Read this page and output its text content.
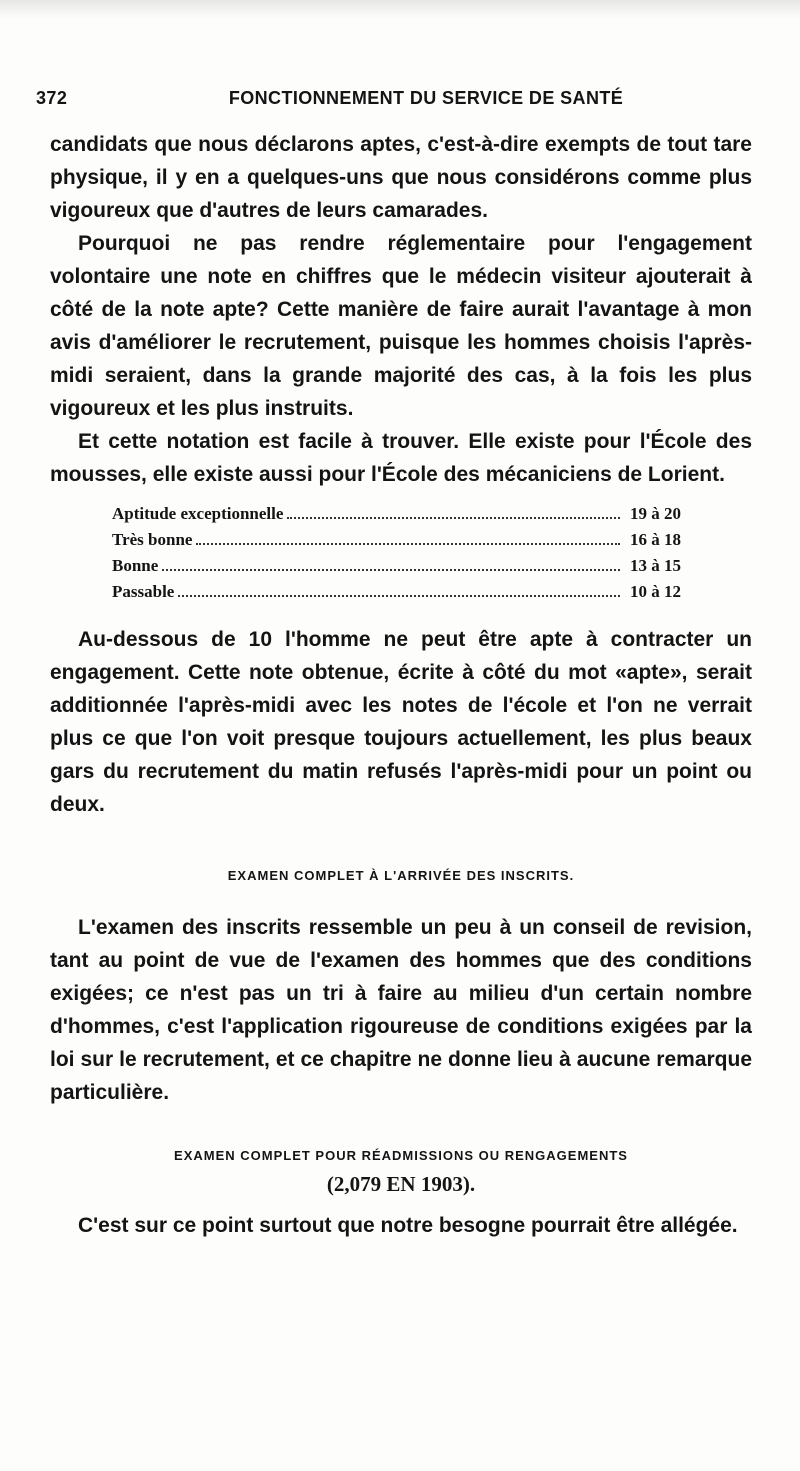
372	FONCTIONNEMENT DU SERVICE DE SANTÉ

candidats que nous déclarons aptes, c'est-à-dire exempts de tout tare physique, il y en a quelques-uns que nous considérons comme plus vigoureux que d'autres de leurs camarades.

Pourquoi ne pas rendre réglementaire pour l'engagement volontaire une note en chiffres que le médecin visiteur ajouterait à côté de la note apte? Cette manière de faire aurait l'avantage à mon avis d'améliorer le recrutement, puisque les hommes choisis l'après-midi seraient, dans la grande majorité des cas, à la fois les plus vigoureux et les plus instruits.

Et cette notation est facile à trouver. Elle existe pour l'École des mousses, elle existe aussi pour l'École des mécaniciens de Lorient.

Aptitude exceptionnelle	19 à 20
Très bonne	16 à 18
Bonne	13 à 15
Passable	10 à 12

Au-dessous de 10 l'homme ne peut être apte à contracter un engagement. Cette note obtenue, écrite à côté du mot «apte», serait additionnée l'après-midi avec les notes de l'école et l'on ne verrait plus ce que l'on voit presque toujours actuellement, les plus beaux gars du recrutement du matin refusés l'après-midi pour un point ou deux.

EXAMEN COMPLET À L'ARRIVÉE DES INSCRITS.

L'examen des inscrits ressemble un peu à un conseil de revision, tant au point de vue de l'examen des hommes que des conditions exigées; ce n'est pas un tri à faire au milieu d'un certain nombre d'hommes, c'est l'application rigoureuse de conditions exigées par la loi sur le recrutement, et ce chapitre ne donne lieu à aucune remarque particulière.

EXAMEN COMPLET POUR RÉADMISSIONS OU RENGAGEMENTS

(2,079 EN 1903).

C'est sur ce point surtout que notre besogne pourrait être allégée.
